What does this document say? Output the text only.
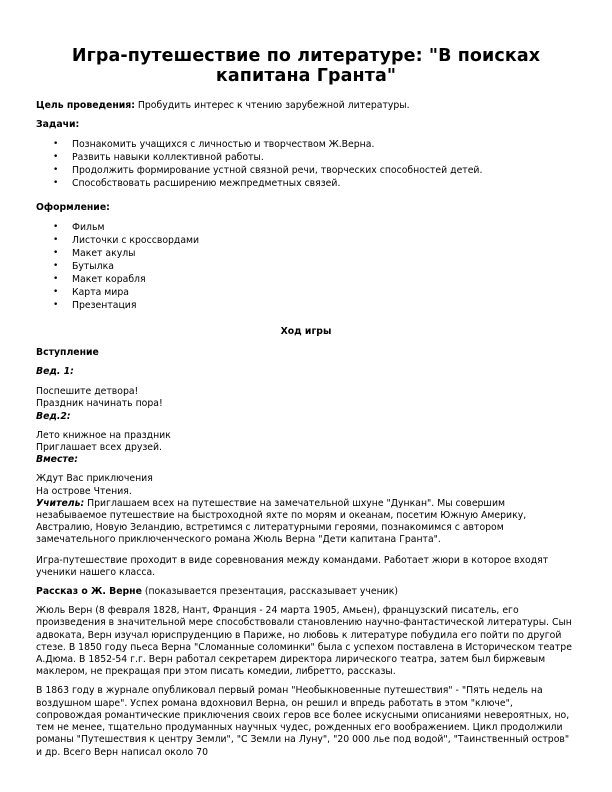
Игра-путешествие по литературе: "В поисках капитана Гранта"

Цель проведения: Пробудить интерес к чтению зарубежной литературы.

Задачи:

• Познакомить учащихся с личностью и творчеством Ж.Верна.
• Развить навыки коллективной работы.
• Продолжить формирование устной связной речи, творческих способностей детей.
• Способствовать расширению межпредметных связей.

Оформление:

• Фильм
• Листочки с кроссвордами
• Макет акулы
• Бутылка
• Макет корабля
• Карта мира
• Презентация

Ход игры

Вступление

Вед. 1:

Поспешите детвора!

Праздник начинать пора!

Вед.2:

Лето книжное на праздник

Приглашает всех друзей.

Вместе:

Ждут Вас приключения

На острове Чтения.

Учитель: Приглашаем всех на путешествие на замечательной шхуне "Дункан". Мы совершим незабываемое путешествие на быстроходной яхте по морям и океанам, посетим Южную Америку, Австралию, Новую Зеландию, встретимся с литературными героями, познакомимся с автором замечательного приключенческого романа Жюль Верна "Дети капитана Гранта".

Игра-путешествие проходит в виде соревнования между командами. Работает жюри в которое входят ученики нашего класса.

Рассказ о Ж. Верне (показывается презентация, рассказывает ученик)

Жюль Верн (8 февраля 1828, Нант, Франция - 24 марта 1905, Амьен), французский писатель, его произведения в значительной мере способствовали становлению научно-фантастической литературы. Сын адвоката, Верн изучал юриспруденцию в Париже, но любовь к литературе побудила его пойти по другой стезе. В 1850 году пьеса Верна "Сломанные соломинки" была с успехом поставлена в Историческом театре А.Дюма. В 1852-54 г.г. Верн работал секретарем директора лирического театра, затем был биржевым маклером, не прекращая при этом писать комедии, либретто, рассказы.

В 1863 году в журнале опубликовал первый роман "Необыкновенные путешествия" - "Пять недель на воздушном шаре". Успех романа вдохновил Верна, он решил и впредь работать в этом "ключе", сопровождая романтические приключения своих геров все более искусными описаниями невероятных, но, тем не менее, тщательно продуманных научных чудес, рожденных его воображением. Цикл продолжили романы "Путешествия к центру Земли", "С Земли на Луну", "20 000 лье под водой", "Таинственный остров" и др. Всего Верн написал около 70
